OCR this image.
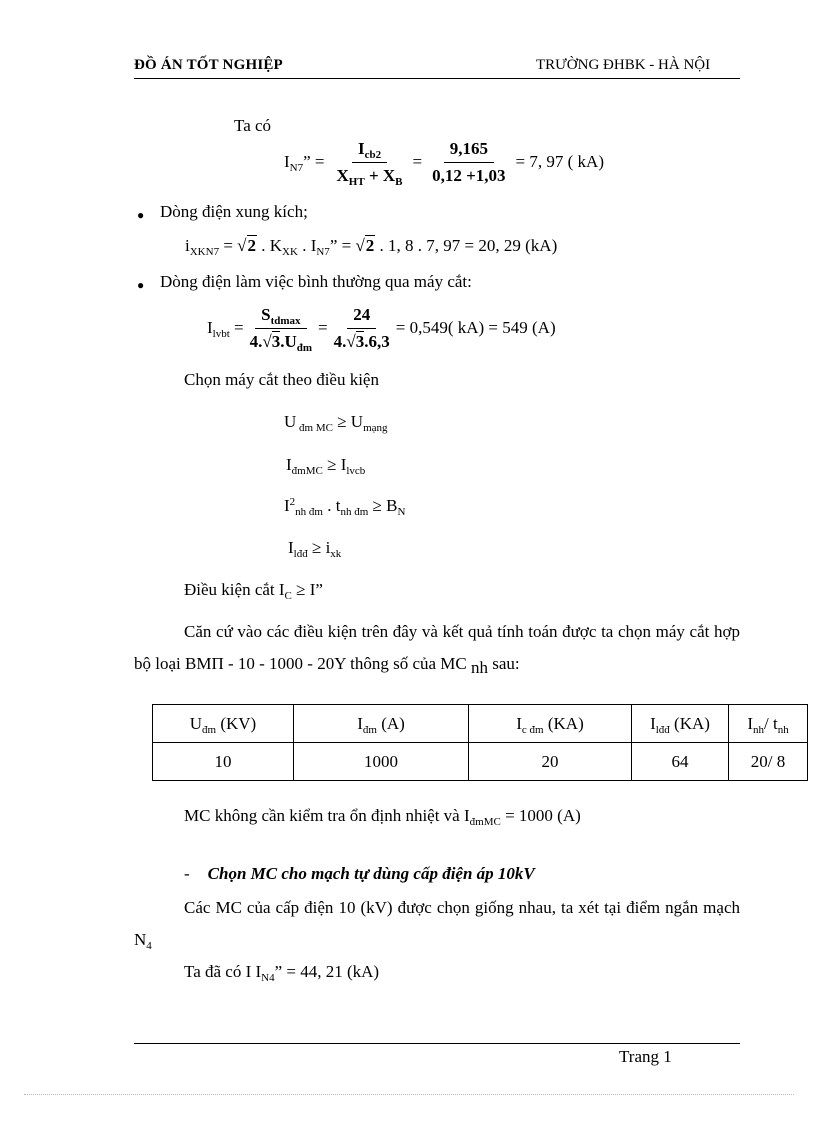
ĐỒ ÁN TỐT NGHIỆP	TRƯỜNG ĐHBK - HÀ NỘI
Ta có
$I_{N7}$” = $\frac{I_{cb2}}{X_{HT} + X_B} = \frac{9,165}{0,12 +1,03} = 7$, 97 ( kA)
● Dòng điện xung kích;
$i_{XKN7} = √2$ . $K_{XK}$ . $I_{N7}$” = √2 . 1, 8 . 7, 97 = 20, 29 (kA)
● Dòng điện làm việc bình thường qua máy cắt:
$I_{lvbt} = \frac{S_{tdmax}}{4.√3.U_{đm}} = \frac{24}{4.√3.6,3} = 0,549$( kA) = 549 (A)
Chọn máy cắt theo điều kiện
U $_{đm MC} \ge U_{mạng}$
$I_{đmMC} \ge I_{lvcb}$
$I^2_{nh đm}$ . $t_{nh đm} \ge B_N$
$I_{lđđ} \ge i_{xk}$
Điều kiện cắt $I_C \ge I$”
Căn cứ vào các điều kiện trên đây và kết quả tính toán được ta chọn máy cắt hợp bộ loại BMΠ - 10 - 1000 - 20Y thông số của MC $_{nh}$ sau:
$U_{đm}$ (KV)	$I_{đm}$ (A)	$I_{c đm}$ (KA)	$I_{lđđ}$ (KA)	$I_{nh}/$ $t_{nh}$
10	1000	20	64	20/ 8
MC không cần kiểm tra ổn định nhiệt và $I_{đmMC} = 1000$ (A)
- Chọn MC cho mạch tự dùng cấp điện áp 10kV
Các MC của cấp điện 10 (kV) được chọn giống nhau, ta xét tại điểm ngắn mạch $N_4$
Ta đã có I $I_{N4}$” = 44, 21 (kA)
Trang 1
